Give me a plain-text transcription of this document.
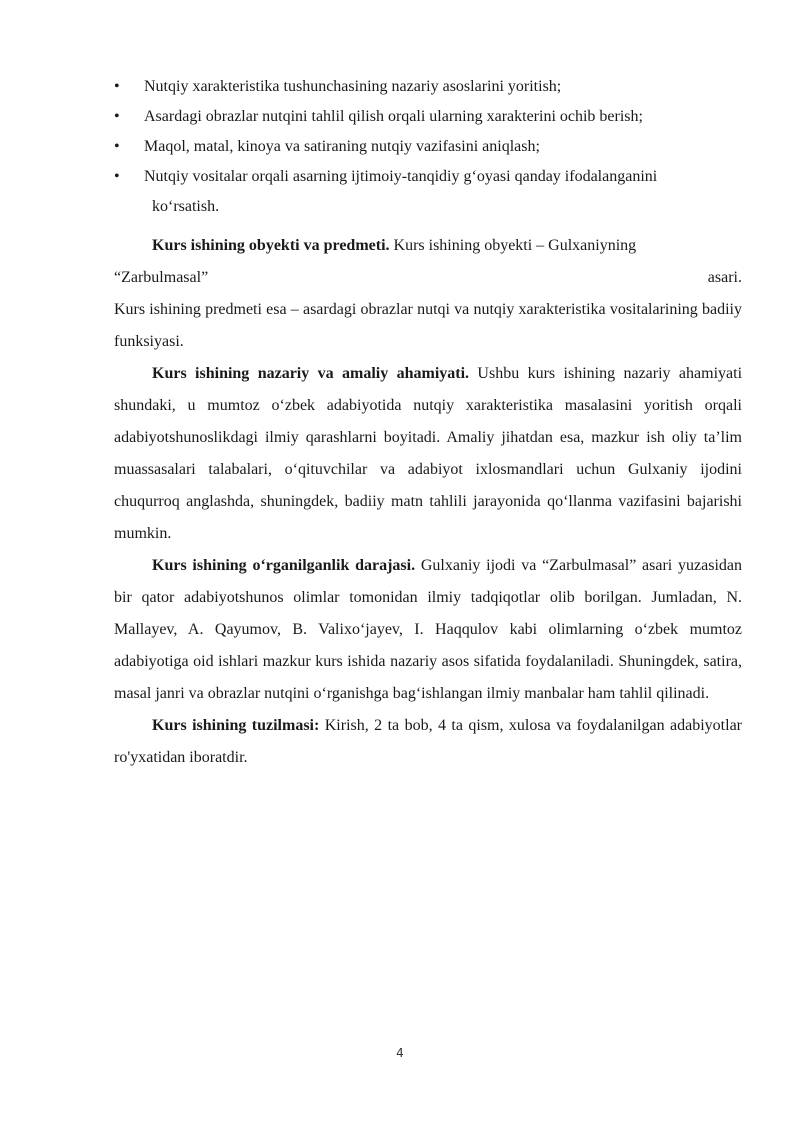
•	Nutqiy xarakteristika tushunchasining nazariy asoslarini yoritish;
•	Asardagi obrazlar nutqini tahlil qilish orqali ularning xarakterini ochib berish;
•	Maqol, matal, kinoya va satiraning nutqiy vazifasini aniqlash;
•	Nutqiy vositalar orqali asarning ijtimoiy-tanqidiy g‘oyasi qanday ifodalanganini
ko‘rsatish.

Kurs ishining obyekti va predmeti. Kurs ishining obyekti – Gulxaniyning

“Zarbulmasal”	asari.

Kurs ishining predmeti esa – asardagi obrazlar nutqi va nutqiy xarakteristika vositalarining badiiy funksiyasi.

Kurs ishining nazariy va amaliy ahamiyati. Ushbu kurs ishining nazariy ahamiyati shundaki, u mumtoz o‘zbek adabiyotida nutqiy xarakteristika masalasini yoritish orqali adabiyotshunoslikdagi ilmiy qarashlarni boyitadi. Amaliy jihatdan esa, mazkur ish oliy ta’lim muassasalari talabalari, o‘qituvchilar va adabiyot ixlosmandlari uchun Gulxaniy ijodini chuqurroq anglashda, shuningdek, badiiy matn tahlili jarayonida qo‘llanma vazifasini bajarishi mumkin.

Kurs ishining o‘rganilganlik darajasi. Gulxaniy ijodi va “Zarbulmasal” asari yuzasidan bir qator adabiyotshunos olimlar tomonidan ilmiy tadqiqotlar olib borilgan. Jumladan, N. Mallayev, A. Qayumov, B. Valixo‘jayev, I. Haqqulov kabi olimlarning o‘zbek mumtoz adabiyotiga oid ishlari mazkur kurs ishida nazariy asos sifatida foydalaniladi. Shuningdek, satira, masal janri va obrazlar nutqini o‘rganishga bag‘ishlangan ilmiy manbalar ham tahlil qilinadi.

Kurs ishining tuzilmasi: Kirish, 2 ta bob, 4 ta qism, xulosa va foydalanilgan adabiyotlar ro'yxatidan iboratdir.

4
